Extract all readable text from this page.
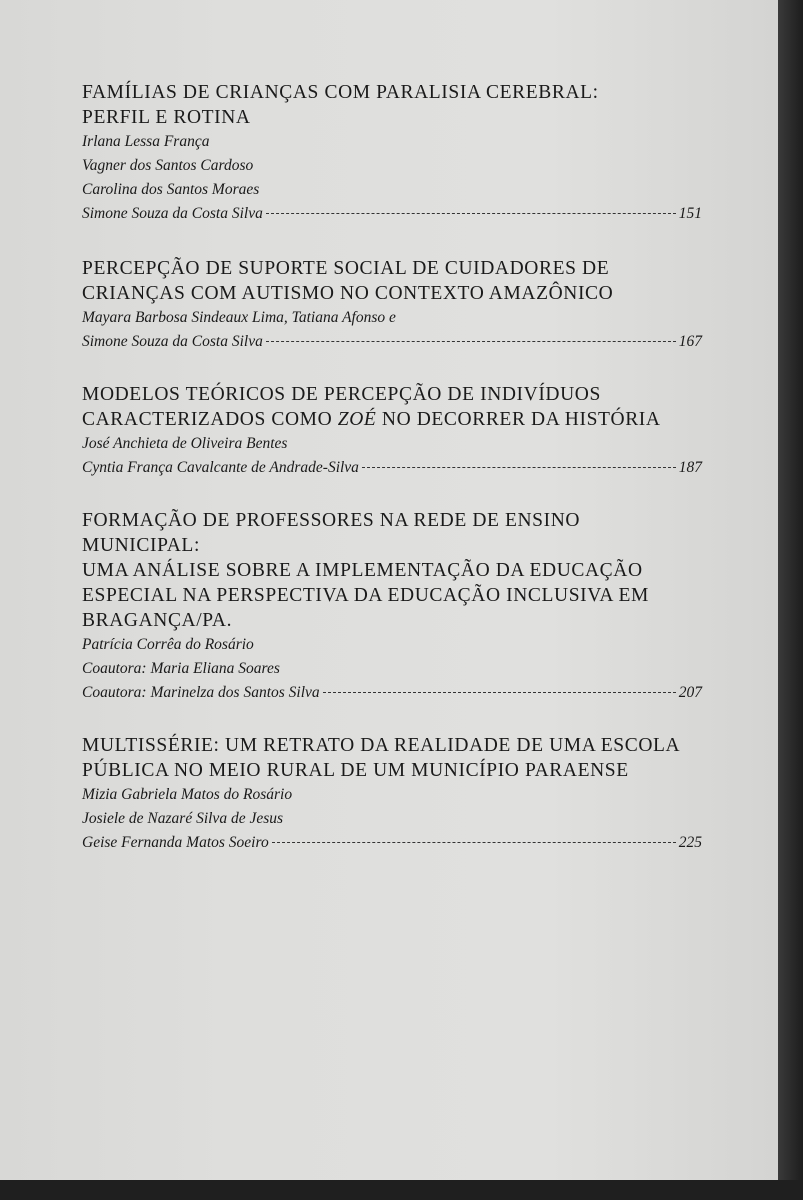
FAMÍLIAS DE CRIANÇAS COM PARALISIA CEREBRAL:
PERFIL E ROTINA

Irlana Lessa França

Vagner dos Santos Cardoso

Carolina dos Santos Moraes

Simone Souza da Costa Silva	151

PERCEPÇÃO DE SUPORTE SOCIAL DE CUIDADORES DE
CRIANÇAS COM AUTISMO NO CONTEXTO AMAZÔNICO

Mayara Barbosa Sindeaux Lima, Tatiana Afonso e

Simone Souza da Costa Silva	167

MODELOS TEÓRICOS DE PERCEPÇÃO DE INDIVÍDUOS
CARACTERIZADOS COMO ZOÉ NO DECORRER DA HISTÓRIA

José Anchieta de Oliveira Bentes

Cyntia França Cavalcante de Andrade-Silva	187

FORMAÇÃO DE PROFESSORES NA REDE DE ENSINO MUNICIPAL:
UMA ANÁLISE SOBRE A IMPLEMENTAÇÃO DA EDUCAÇÃO
ESPECIAL NA PERSPECTIVA DA EDUCAÇÃO INCLUSIVA EM
BRAGANÇA/PA.

Patrícia Corrêa do Rosário

Coautora: Maria Eliana Soares

Coautora: Marinelza dos Santos Silva	207

MULTISSÉRIE: UM RETRATO DA REALIDADE DE UMA ESCOLA
PÚBLICA NO MEIO RURAL DE UM MUNICÍPIO PARAENSE

Mizia Gabriela Matos do Rosário

Josiele de Nazaré Silva de Jesus

Geise Fernanda Matos Soeiro	225
